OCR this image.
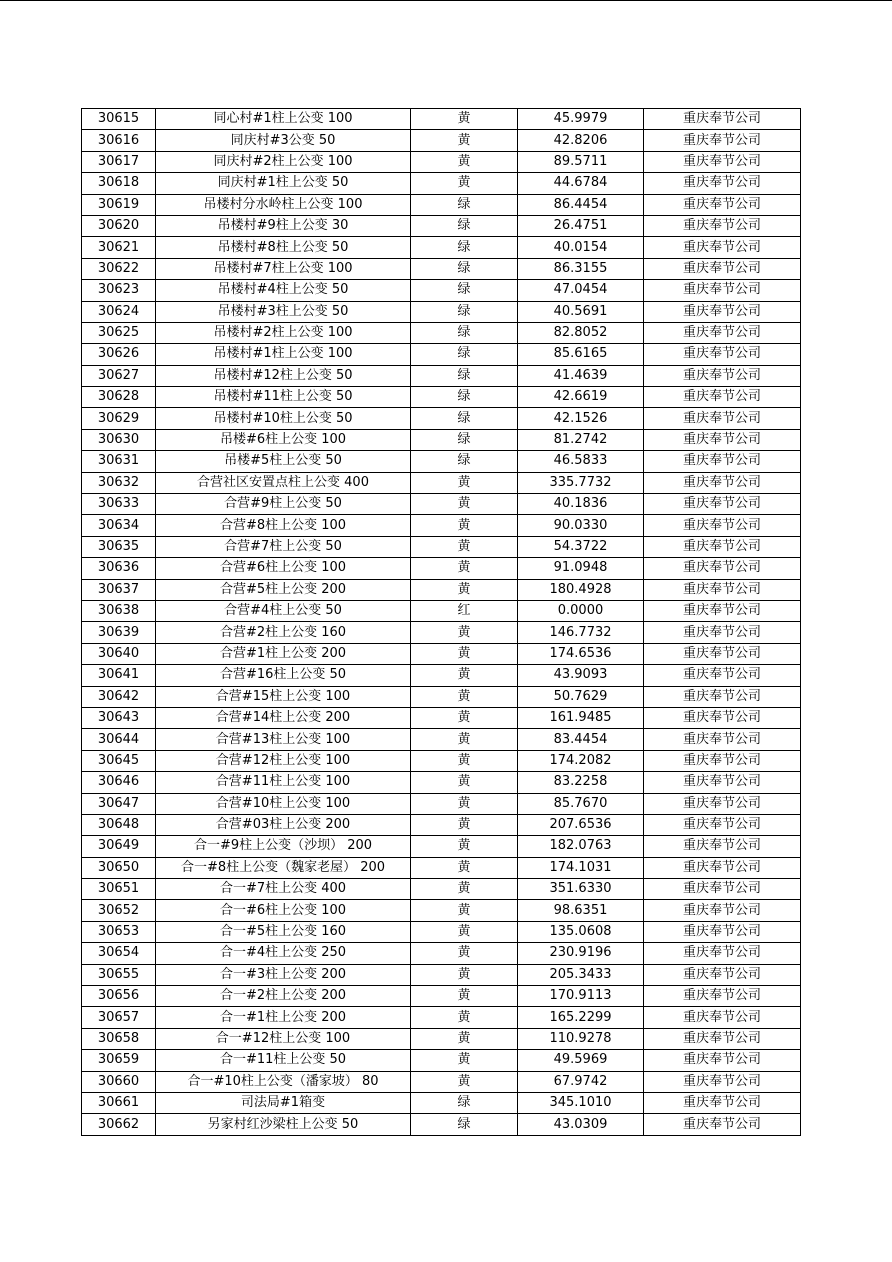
30615	同心村#1柱上公变 100	黄	45.9979	重庆奉节公司
30616	同庆村#3公变 50	黄	42.8206	重庆奉节公司
30617	同庆村#2柱上公变 100	黄	89.5711	重庆奉节公司
30618	同庆村#1柱上公变 50	黄	44.6784	重庆奉节公司
30619	吊楼村分水岭柱上公变 100	绿	86.4454	重庆奉节公司
30620	吊楼村#9柱上公变 30	绿	26.4751	重庆奉节公司
30621	吊楼村#8柱上公变 50	绿	40.0154	重庆奉节公司
30622	吊楼村#7柱上公变 100	绿	86.3155	重庆奉节公司
30623	吊楼村#4柱上公变 50	绿	47.0454	重庆奉节公司
30624	吊楼村#3柱上公变 50	绿	40.5691	重庆奉节公司
30625	吊楼村#2柱上公变 100	绿	82.8052	重庆奉节公司
30626	吊楼村#1柱上公变 100	绿	85.6165	重庆奉节公司
30627	吊楼村#12柱上公变 50	绿	41.4639	重庆奉节公司
30628	吊楼村#11柱上公变 50	绿	42.6619	重庆奉节公司
30629	吊楼村#10柱上公变 50	绿	42.1526	重庆奉节公司
30630	吊楼#6柱上公变 100	绿	81.2742	重庆奉节公司
30631	吊楼#5柱上公变 50	绿	46.5833	重庆奉节公司
30632	合营社区安置点柱上公变 400	黄	335.7732	重庆奉节公司
30633	合营#9柱上公变 50	黄	40.1836	重庆奉节公司
30634	合营#8柱上公变 100	黄	90.0330	重庆奉节公司
30635	合营#7柱上公变 50	黄	54.3722	重庆奉节公司
30636	合营#6柱上公变 100	黄	91.0948	重庆奉节公司
30637	合营#5柱上公变 200	黄	180.4928	重庆奉节公司
30638	合营#4柱上公变 50	红	0.0000	重庆奉节公司
30639	合营#2柱上公变 160	黄	146.7732	重庆奉节公司
30640	合营#1柱上公变 200	黄	174.6536	重庆奉节公司
30641	合营#16柱上公变 50	黄	43.9093	重庆奉节公司
30642	合营#15柱上公变 100	黄	50.7629	重庆奉节公司
30643	合营#14柱上公变 200	黄	161.9485	重庆奉节公司
30644	合营#13柱上公变 100	黄	83.4454	重庆奉节公司
30645	合营#12柱上公变 100	黄	174.2082	重庆奉节公司
30646	合营#11柱上公变 100	黄	83.2258	重庆奉节公司
30647	合营#10柱上公变 100	黄	85.7670	重庆奉节公司
30648	合营#03柱上公变 200	黄	207.6536	重庆奉节公司
30649	合一#9柱上公变（沙坝） 200	黄	182.0763	重庆奉节公司
30650	合一#8柱上公变（魏家老屋） 200	黄	174.1031	重庆奉节公司
30651	合一#7柱上公变 400	黄	351.6330	重庆奉节公司
30652	合一#6柱上公变 100	黄	98.6351	重庆奉节公司
30653	合一#5柱上公变 160	黄	135.0608	重庆奉节公司
30654	合一#4柱上公变 250	黄	230.9196	重庆奉节公司
30655	合一#3柱上公变 200	黄	205.3433	重庆奉节公司
30656	合一#2柱上公变 200	黄	170.9113	重庆奉节公司
30657	合一#1柱上公变 200	黄	165.2299	重庆奉节公司
30658	合一#12柱上公变 100	黄	110.9278	重庆奉节公司
30659	合一#11柱上公变 50	黄	49.5969	重庆奉节公司
30660	合一#10柱上公变（潘家坡） 80	黄	67.9742	重庆奉节公司
30661	司法局#1箱变	绿	345.1010	重庆奉节公司
30662	另家村红沙梁柱上公变 50	绿	43.0309	重庆奉节公司
